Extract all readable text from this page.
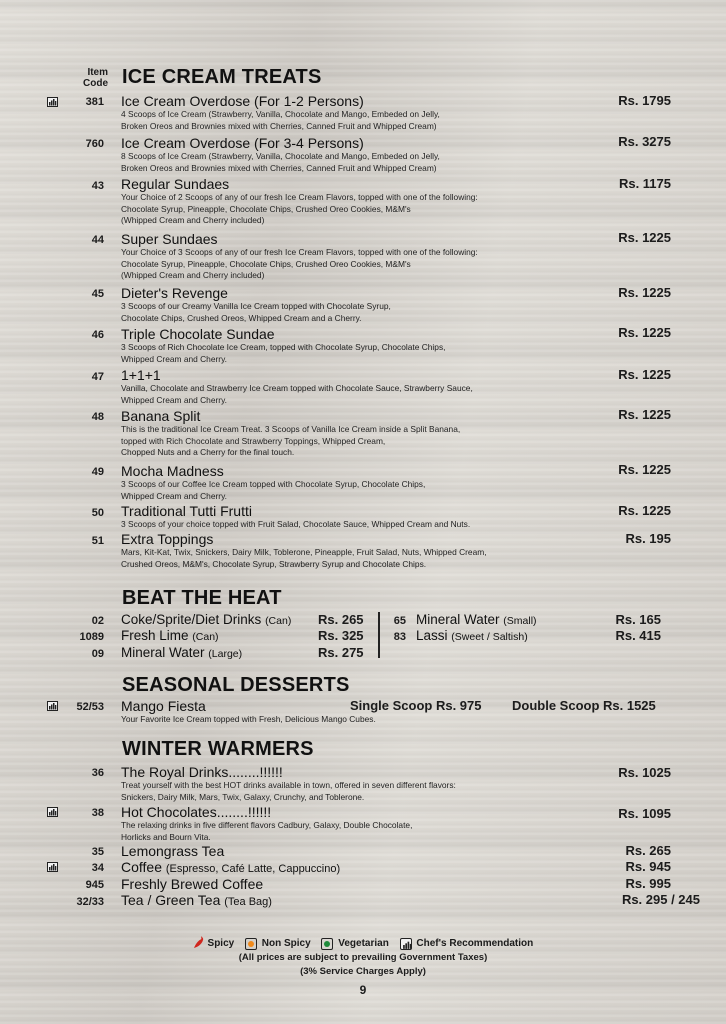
Item
Code ICE CREAM TREATS
381 Ice Cream Overdose (For 1-2 Persons)
4 Scoops of Ice Cream (Strawberry, Vanilla, Chocolate and Mango, Embeded on Jelly,
Broken Oreos and Brownies mixed with Cherries, Canned Fruit and Whipped Cream)
Rs. 1795
760 Ice Cream Overdose (For 3-4 Persons)
8 Scoops of Ice Cream (Strawberry, Vanilla, Chocolate and Mango, Embeded on Jelly,
Broken Oreos and Brownies mixed with Cherries, Canned Fruit and Whipped Cream)
Rs. 3275
43 Regular Sundaes
Your Choice of 2 Scoops of any of our fresh Ice Cream Flavors, topped with one of the following:
Chocolate Syrup, Pineapple, Chocolate Chips, Crushed Oreo Cookies, M&M's
(Whipped Cream and Cherry included)
Rs. 1175
44 Super Sundaes
Your Choice of 3 Scoops of any of our fresh Ice Cream Flavors, topped with one of the following:
Chocolate Syrup, Pineapple, Chocolate Chips, Crushed Oreo Cookies, M&M's
(Whipped Cream and Cherry included)
Rs. 1225
45 Dieter's Revenge
3 Scoops of our Creamy Vanilla Ice Cream topped with Chocolate Syrup,
Chocolate Chips, Crushed Oreos, Whipped Cream and a Cherry.
Rs. 1225
46 Triple Chocolate Sundae
3 Scoops of Rich Chocolate Ice Cream, topped with Chocolate Syrup, Chocolate Chips,
Whipped Cream and Cherry.
Rs. 1225
47 1+1+1
Vanilla, Chocolate and Strawberry Ice Cream topped with Chocolate Sauce, Strawberry Sauce,
Whipped Cream and Cherry.
Rs. 1225
48 Banana Split
This is the traditional Ice Cream Treat. 3 Scoops of Vanilla Ice Cream inside a Split Banana,
topped with Rich Chocolate and Strawberry Toppings, Whipped Cream,
Chopped Nuts and a Cherry for the final touch.
Rs. 1225
49 Mocha Madness
3 Scoops of our Coffee Ice Cream topped with Chocolate Syrup, Chocolate Chips,
Whipped Cream and Cherry.
Rs. 1225
50 Traditional Tutti Frutti
3 Scoops of your choice topped with Fruit Salad, Chocolate Sauce, Whipped Cream and Nuts.
Rs. 1225
51 Extra Toppings
Mars, Kit-Kat, Twix, Snickers, Dairy Milk, Toblerone, Pineapple, Fruit Salad, Nuts, Whipped Cream,
Crushed Oreos, M&M's, Chocolate Syrup, Strawberry Syrup and Chocolate Chips.
Rs. 195
BEAT THE HEAT
02 Coke/Sprite/Diet Drinks (Can) Rs. 265
1089 Fresh Lime (Can)	Rs. 325
09 Mineral Water (Large)	Rs. 275
65 Mineral Water (Small)	Rs. 165
83 Lassi (Sweet / Saltish)	Rs. 415
SEASONAL DESSERTS
52/53 Mango Fiesta
Your Favorite Ice Cream topped with Fresh, Delicious Mango Cubes.
Single Scoop Rs. 975 Double Scoop Rs. 1525
WINTER WARMERS
36 The Royal Drinks........!!!!!!
Treat yourself with the best HOT drinks available in town, offered in seven different flavors:
Snickers, Dairy Milk, Mars, Twix, Galaxy, Crunchy, and Toblerone.
Rs. 1025
38 Hot Chocolates........!!!!!!
The relaxing drinks in five different flavors Cadbury, Galaxy, Double Chocolate,
Horlicks and Bourn Vita.
Rs. 1095
35 Lemongrass Tea	Rs. 265
34 Coffee (Espresso, Café Latte, Cappuccino)	Rs. 945
945 Freshly Brewed Coffee	Rs. 995
32/33 Tea / Green Tea (Tea Bag)	Rs. 295 / 245
Spicy	Non Spicy	Vegetarian	Chef's Recommendation
(All prices are subject to prevailing Government Taxes)
(3% Service Charges Apply)
9
